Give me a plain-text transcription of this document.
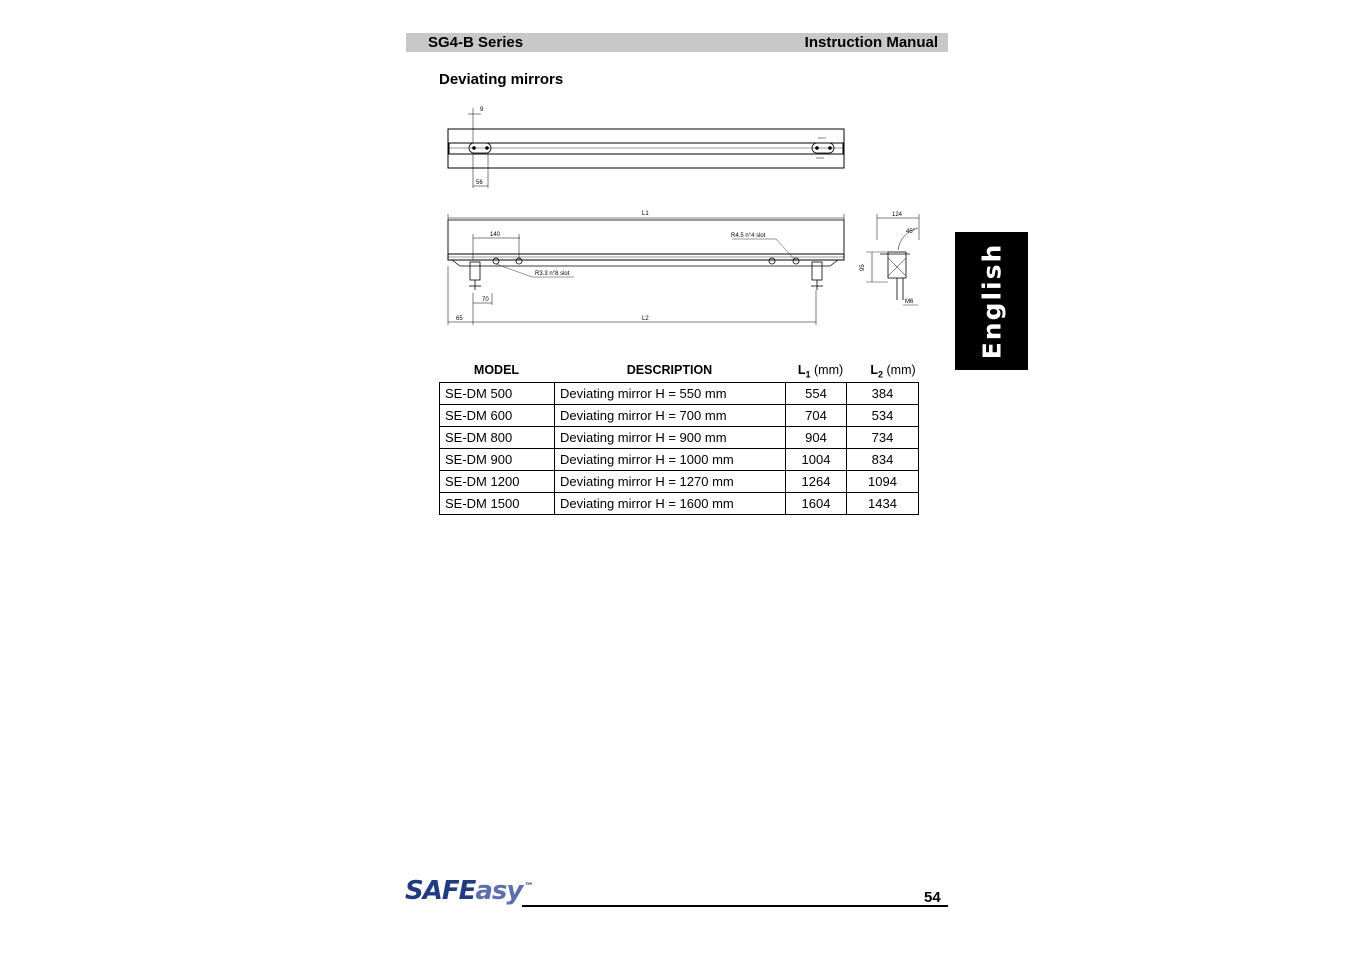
SG4-B Series	Instruction Manual
Deviating mirrors
9
56
L1
140	R4.5 n°4 slot
R3.3 n°8 slot
70
65	L2
124
45°
95
M6	English
MODEL	DESCRIPTION	$L_1$ (mm)	$L_2$ (mm)
SE-DM 500	Deviating mirror H = 550 mm	554	384
SE-DM 600	Deviating mirror H = 700 mm	704	534
SE-DM 800	Deviating mirror H = 900 mm	904	734
SE-DM 900	Deviating mirror H = 1000 mm	1004	834
SE-DM 1200	Deviating mirror H = 1270 mm	1264	1094
SE-DM 1500	Deviating mirror H = 1600 mm	1604	1434
SAFEasy ™
54
